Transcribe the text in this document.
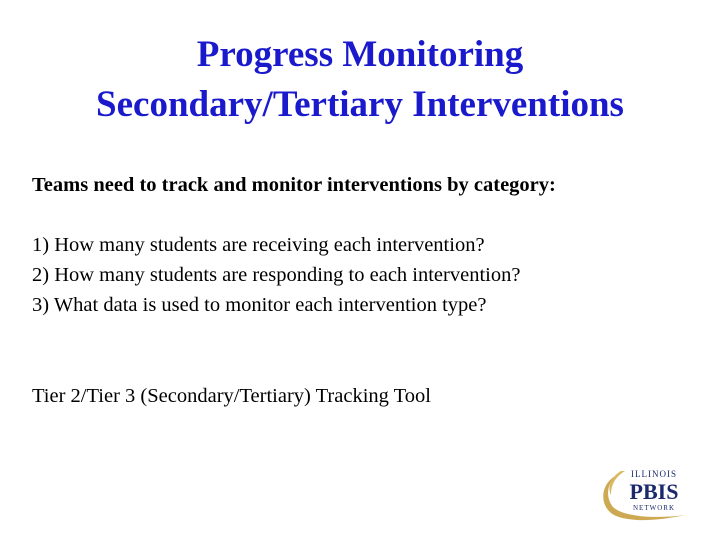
Progress Monitoring
Secondary/Tertiary Interventions

Teams need to track and monitor interventions by category:

1) How many students are receiving each intervention?
2) How many students are responding to each intervention?
3) What data is used to monitor each intervention type?

Tier 2/Tier 3 (Secondary/Tertiary) Tracking Tool

ILLINOIS
PBIS
NETWORK
